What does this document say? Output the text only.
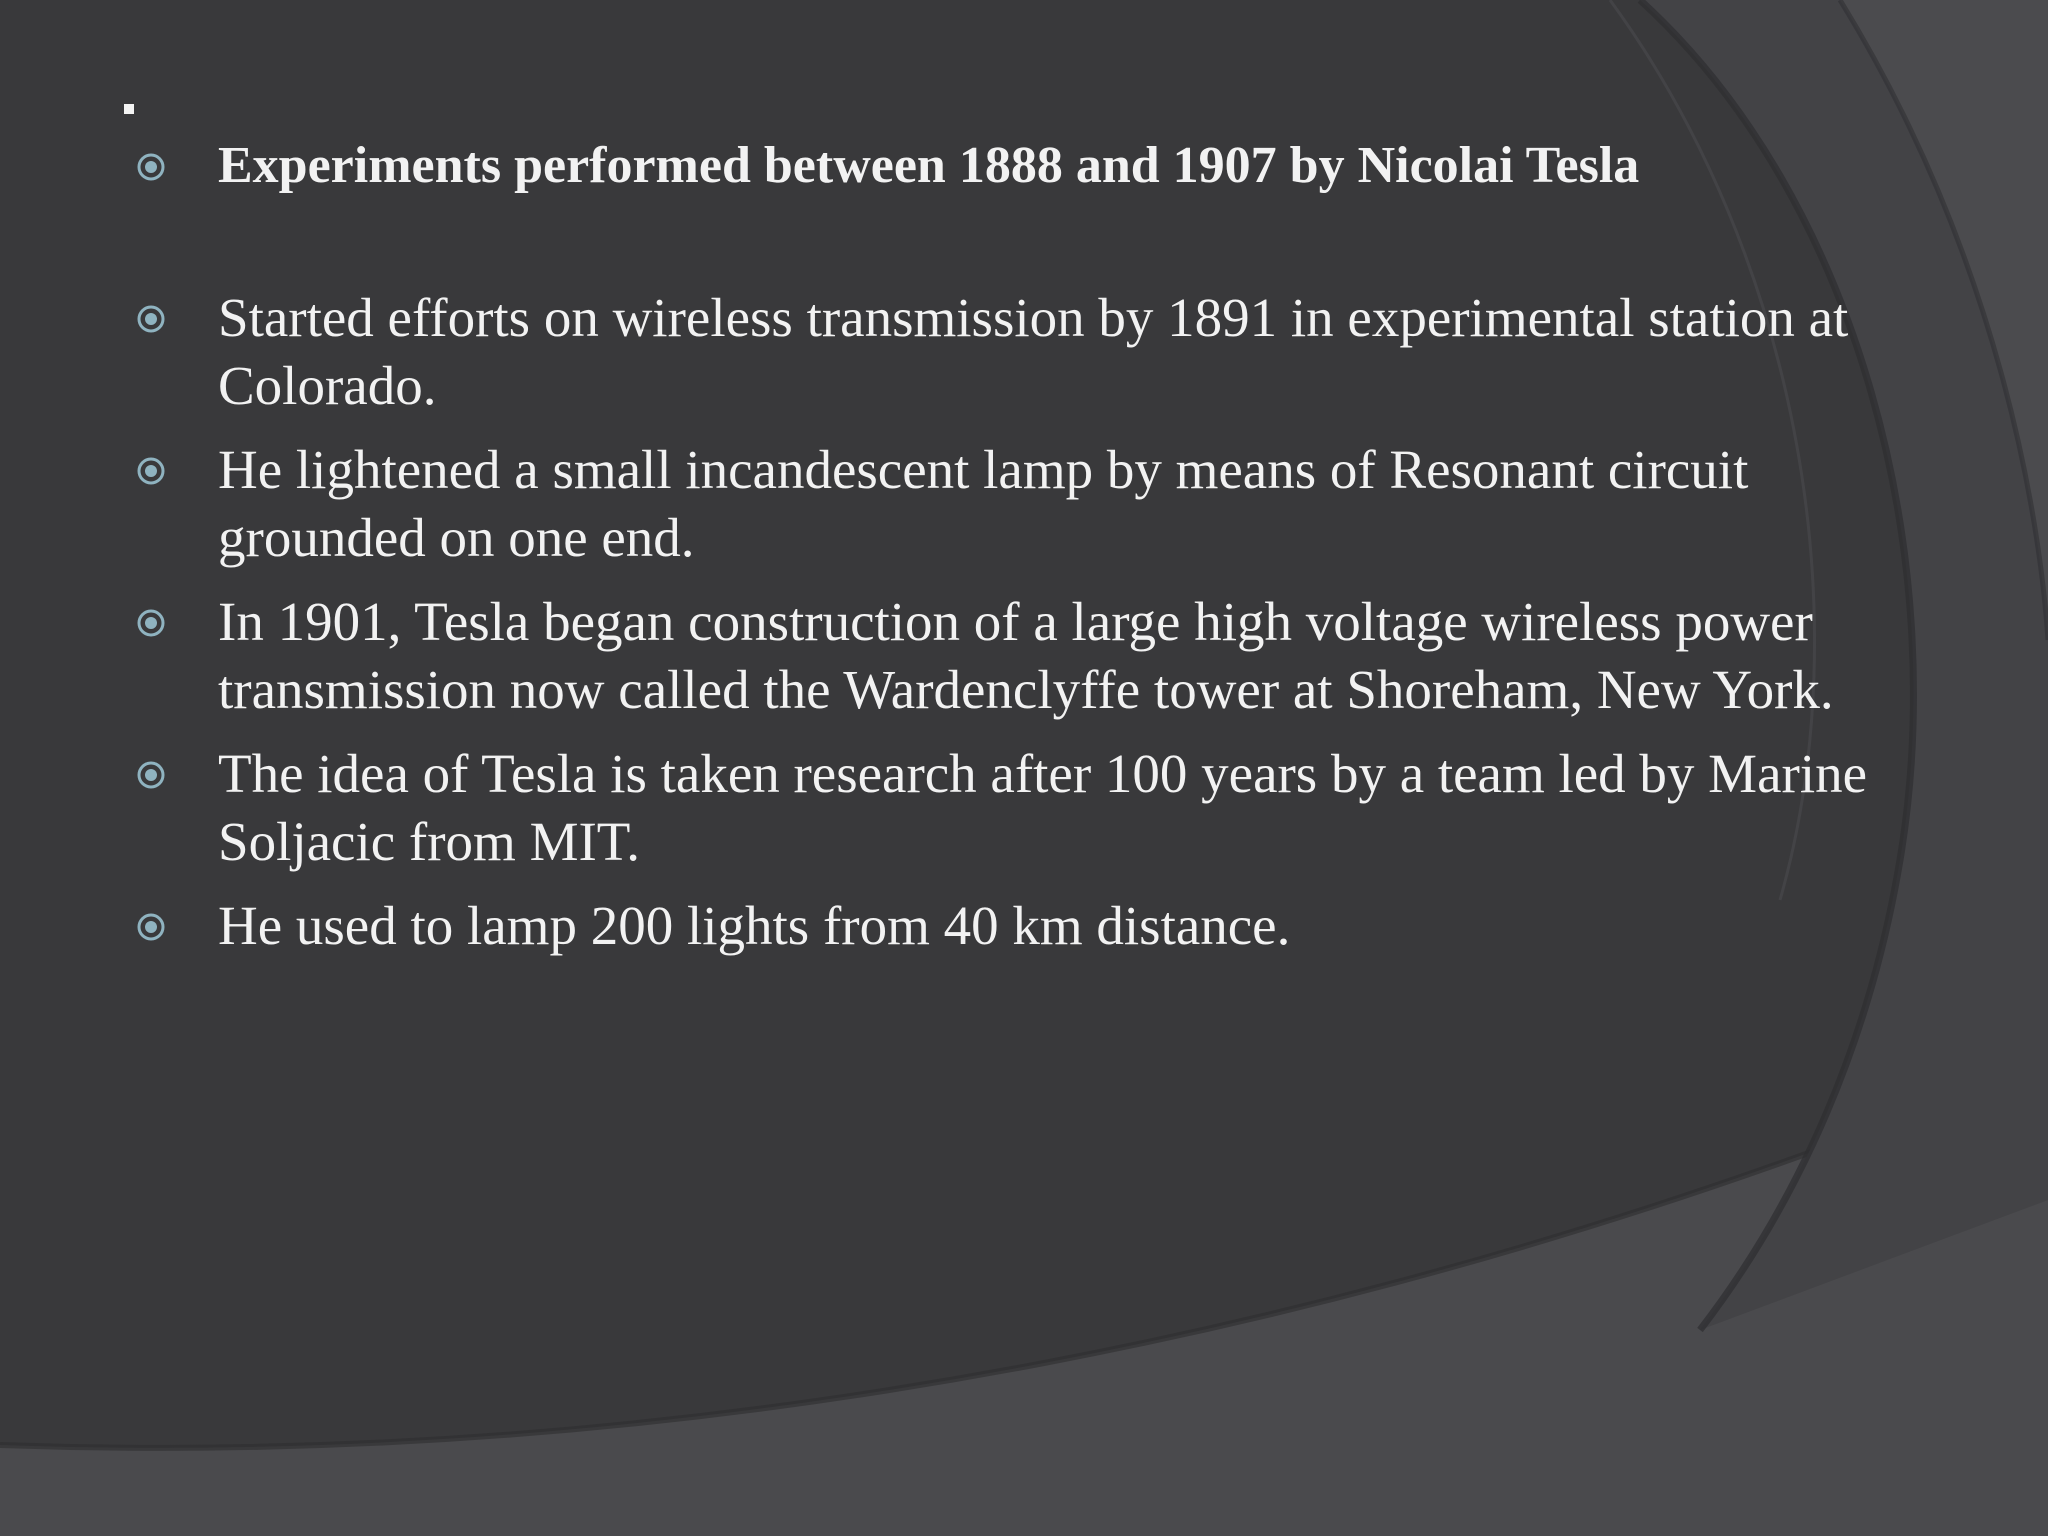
Experiments performed between 1888 and 1907 by Nicolai Tesla
Started efforts on wireless transmission by 1891 in experimental station at Colorado.
He lightened a small incandescent lamp by means of Resonant circuit grounded on one end.
In 1901, Tesla began construction of a large high voltage wireless power transmission now called the Wardenclyffe tower at Shoreham, New York.
The idea of Tesla is taken research after 100 years by a team led by Marine Soljacic from MIT.
He used to lamp 200 lights from 40 km distance.
